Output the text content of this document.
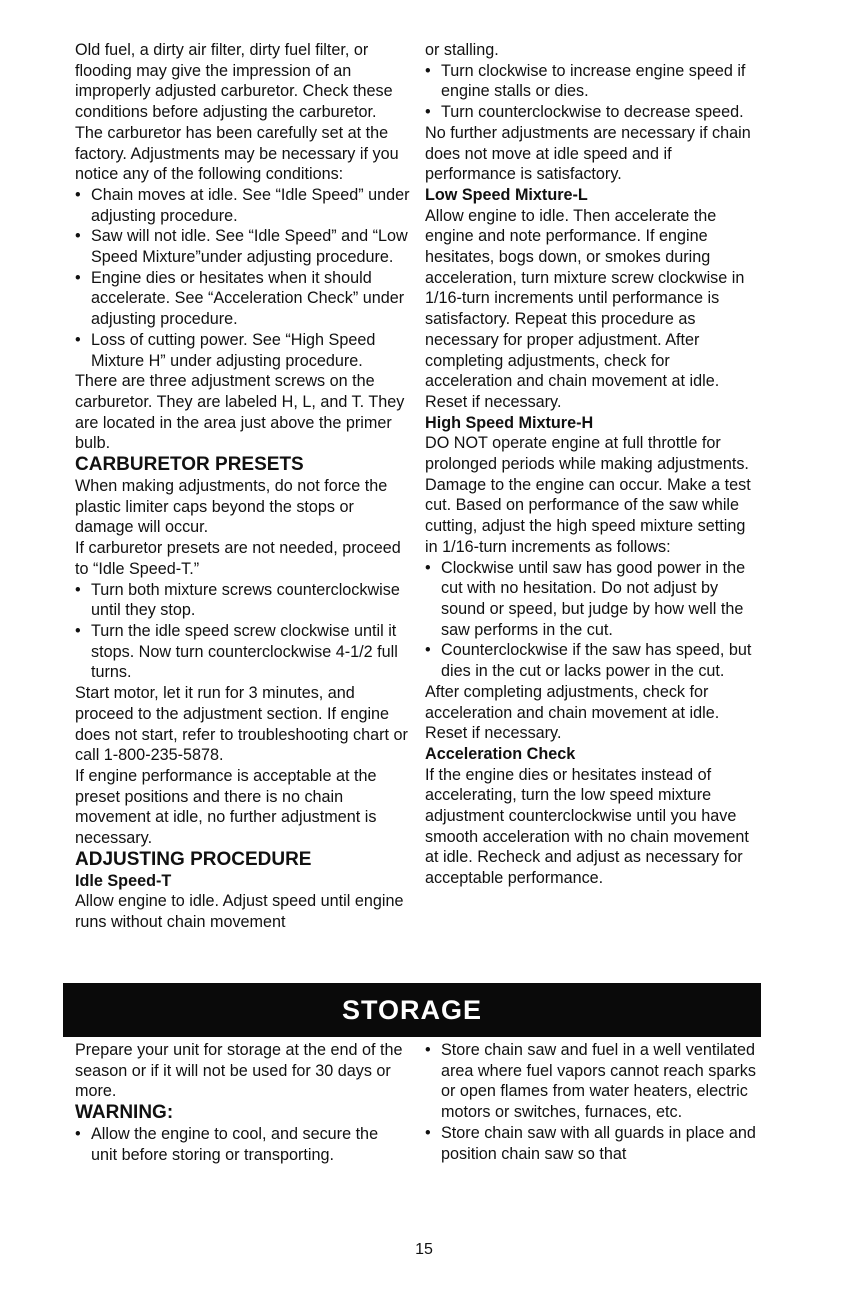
Old fuel, a dirty air filter, dirty fuel filter, or flooding may give the impression of an improperly adjusted carburetor. Check these conditions before adjusting the carburetor.

The carburetor has been carefully set at the factory. Adjustments may be necessary if you notice any of the following conditions:

• Chain moves at idle. See “Idle Speed” under adjusting procedure.

• Saw will not idle. See “Idle Speed” and “Low Speed Mixture”under adjusting procedure.

• Engine dies or hesitates when it should accelerate. See “Acceleration Check” under adjusting procedure.

• Loss of cutting power. See “High Speed Mixture H” under adjusting procedure.

There are three adjustment screws on the carburetor. They are labeled H, L, and T. They are located in the area just above the primer bulb.

CARBURETOR PRESETS

When making adjustments, do not force the plastic limiter caps beyond the stops or damage will occur.

If carburetor presets are not needed, proceed to “Idle Speed-T.”

• Turn both mixture screws counterclockwise until they stop.

• Turn the idle speed screw clockwise until it stops. Now turn counterclockwise 4-1/2 full turns.

Start motor, let it run for 3 minutes, and proceed to the adjustment section. If engine does not start, refer to troubleshooting chart or call 1-800-235-5878.

If engine performance is acceptable at the preset positions and there is no chain movement at idle, no further adjustment is necessary.

ADJUSTING PROCEDURE

Idle Speed-T

Allow engine to idle. Adjust speed until engine runs without chain movement

or stalling.

• Turn clockwise to increase engine speed if engine stalls or dies.

• Turn counterclockwise to decrease speed.

No further adjustments are necessary if chain does not move at idle speed and if performance is satisfactory.

Low Speed Mixture-L

Allow engine to idle. Then accelerate the engine and note performance. If engine hesitates, bogs down, or smokes during acceleration, turn mixture screw clockwise in 1/16-turn increments until performance is satisfactory. Repeat this procedure as necessary for proper adjustment. After completing adjustments, check for acceleration and chain movement at idle. Reset if necessary.

High Speed Mixture-H

DO NOT operate engine at full throttle for prolonged periods while making adjustments. Damage to the engine can occur. Make a test cut. Based on performance of the saw while cutting, adjust the high speed mixture setting in 1/16-turn increments as follows:

• Clockwise until saw has good power in the cut with no hesitation. Do not adjust by sound or speed, but judge by how well the saw performs in the cut.

• Counterclockwise if the saw has speed, but dies in the cut or lacks power in the cut.

After completing adjustments, check for acceleration and chain movement at idle. Reset if necessary.

Acceleration Check

If the engine dies or hesitates instead of accelerating, turn the low speed mixture adjustment counterclockwise until you have smooth acceleration with no chain movement at idle. Recheck and adjust as necessary for acceptable performance.

STORAGE

Prepare your unit for storage at the end of the season or if it will not be used for 30 days or more.

WARNING:

• Allow the engine to cool, and secure the unit before storing or transporting.

• Store chain saw and fuel in a well ventilated area where fuel vapors cannot reach sparks or open flames from water heaters, electric motors or switches, furnaces, etc.

• Store chain saw with all guards in place and position chain saw so that

15
